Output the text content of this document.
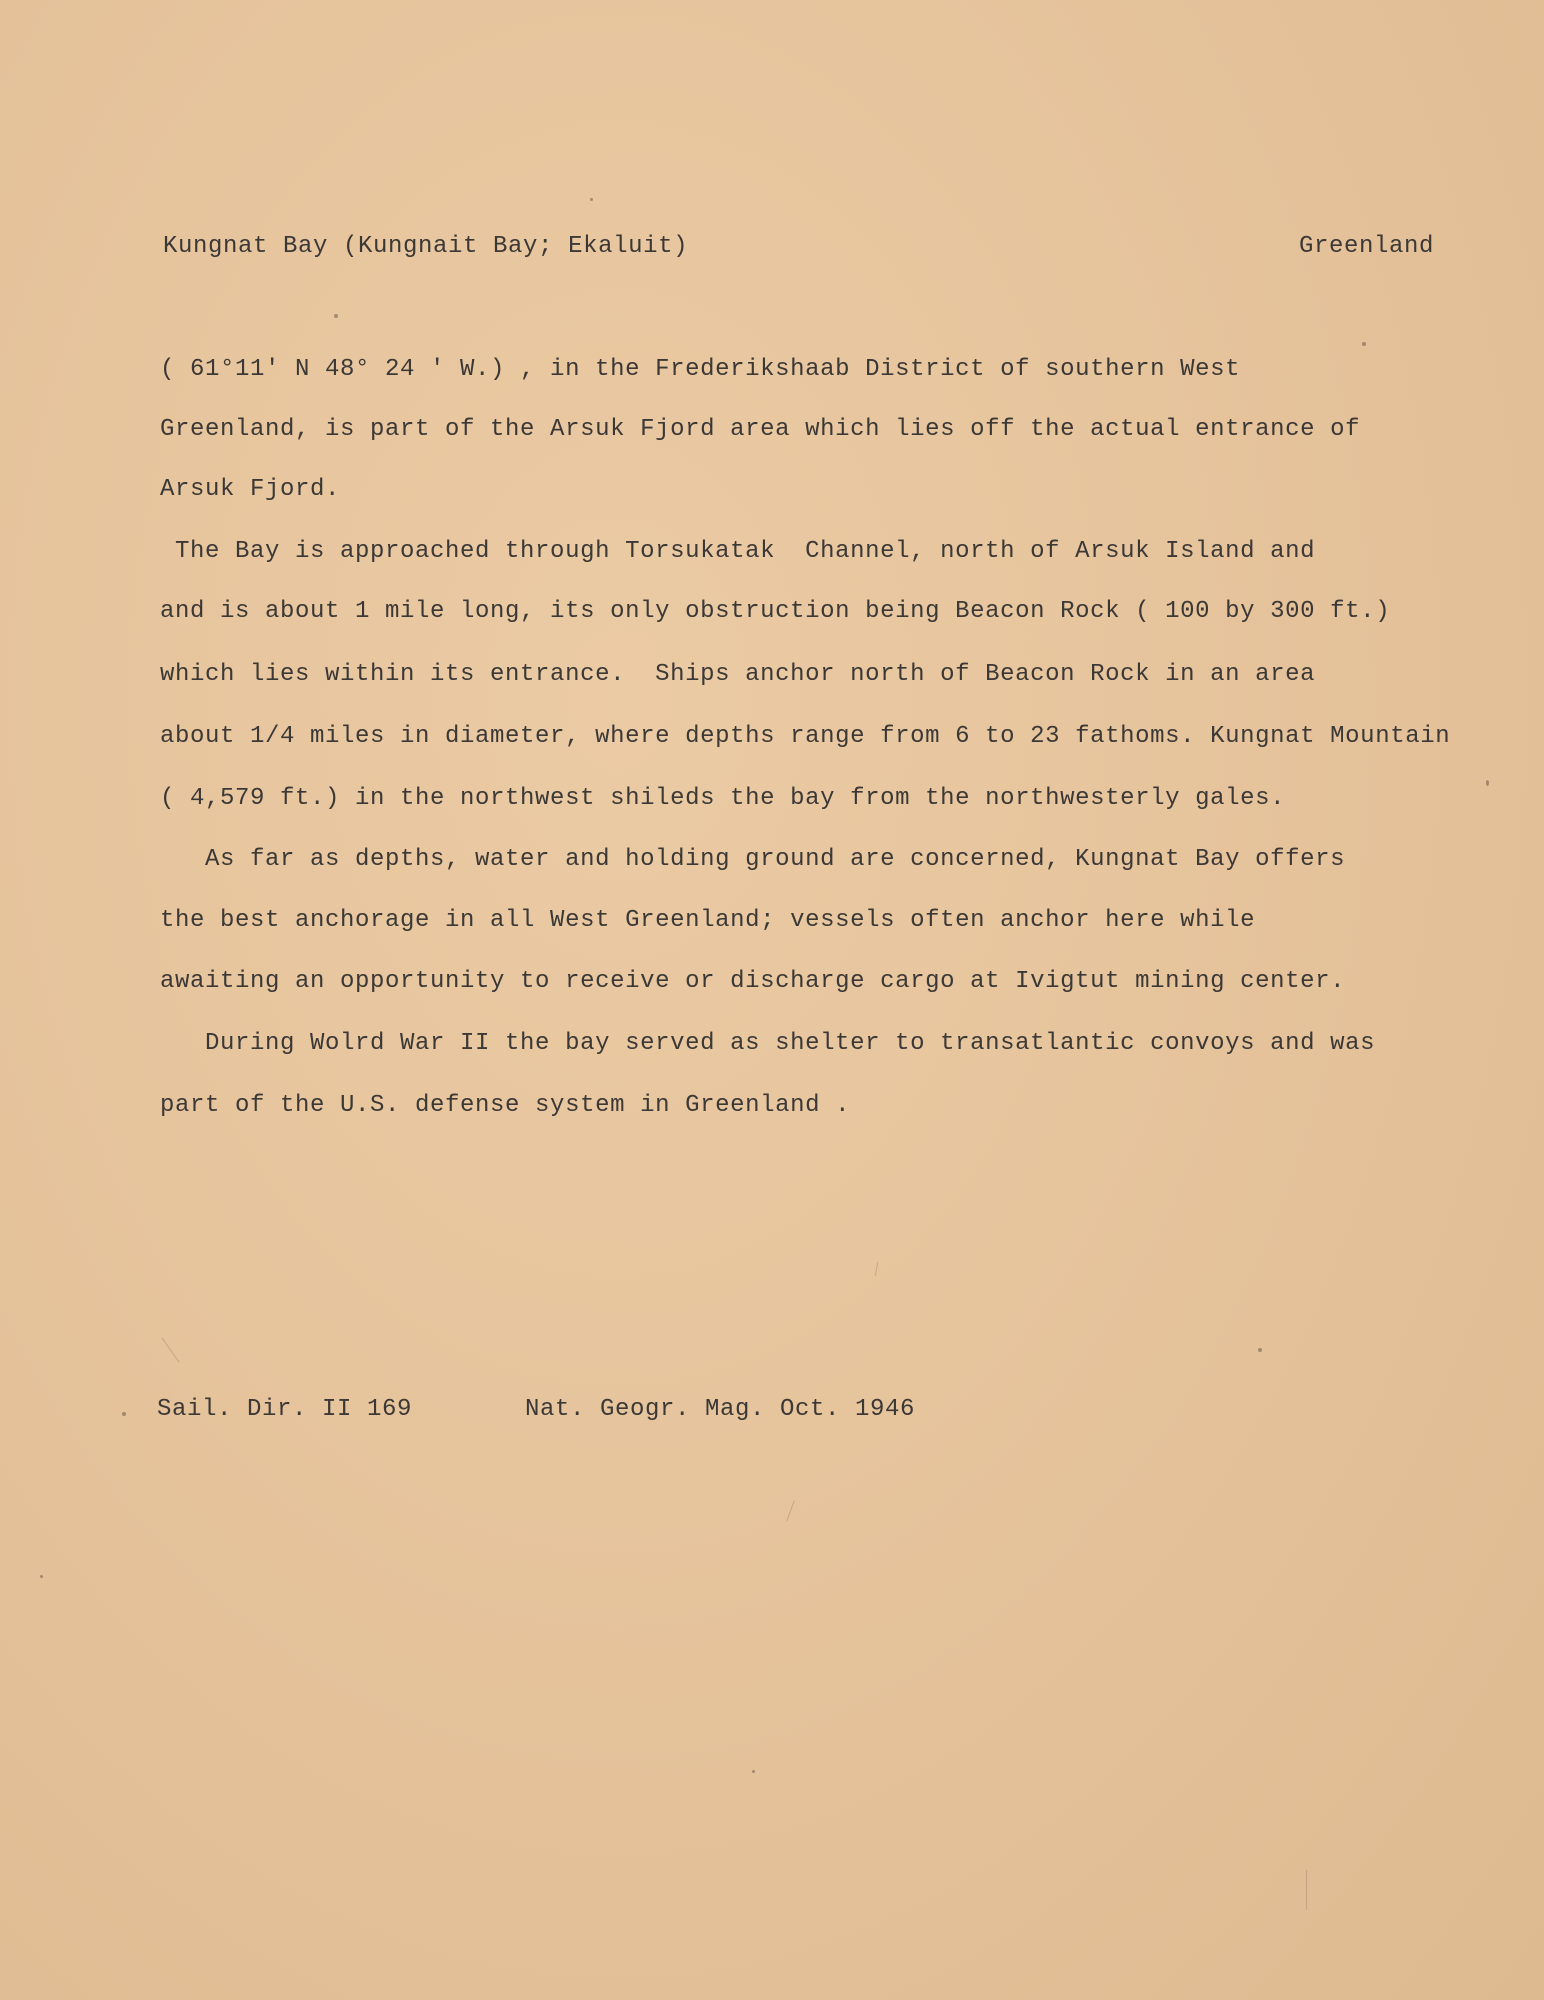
Kungnat Bay (Kungnait Bay; Ekaluit)	Greenland
( 61°11' N 48° 24 ' W.) , in the Frederikshaab District of southern West
Greenland, is part of the Arsuk Fjord area which lies off the actual entrance of
Arsuk Fjord.
The Bay is approached through Torsukatak  Channel, north of Arsuk Island and
and is about 1 mile long, its only obstruction being Beacon Rock ( 100 by 300 ft.)
which lies within its entrance.  Ships anchor north of Beacon Rock in an area
about 1/4 miles in diameter, where depths range from 6 to 23 fathoms. Kungnat Mountain
( 4,579 ft.) in the northwest shileds the bay from the northwesterly gales.
As far as depths, water and holding ground are concerned, Kungnat Bay offers
the best anchorage in all West Greenland; vessels often anchor here while
awaiting an opportunity to receive or discharge cargo at Ivigtut mining center.
During Wolrd War II the bay served as shelter to transatlantic convoys and was
part of the U.S. defense system in Greenland .
Sail. Dir. II 169	Nat. Geogr. Mag. Oct. 1946
